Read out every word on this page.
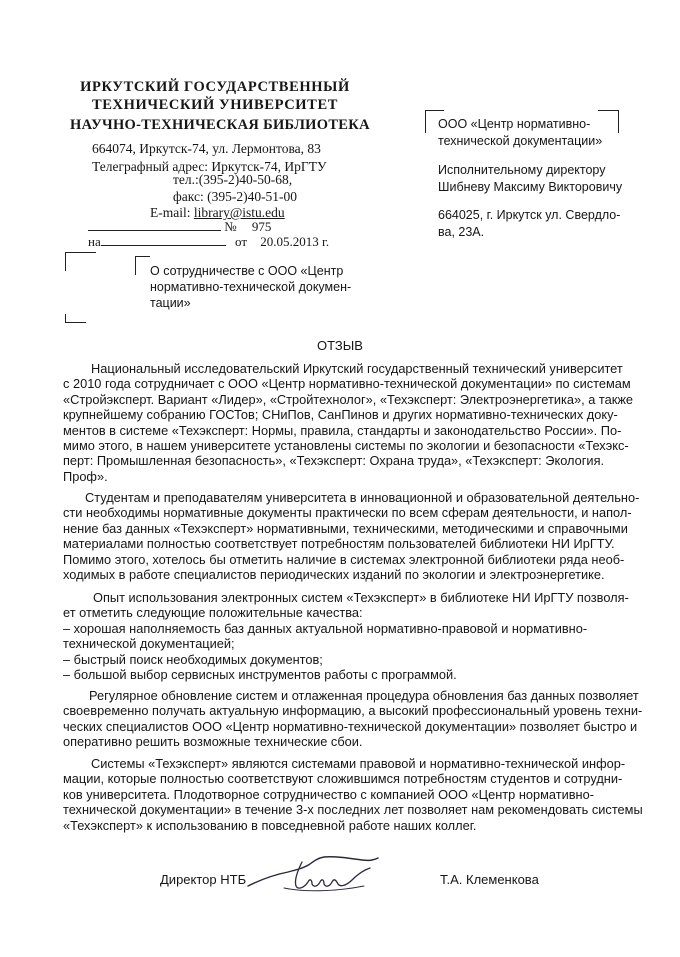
ИРКУТСКИЙ ГОСУДАРСТВЕННЫЙ
ТЕХНИЧЕСКИЙ УНИВЕРСИТЕТ
НАУЧНО-ТЕХНИЧЕСКАЯ БИБЛИОТЕКА
664074, Иркутск-74, ул. Лермонтова, 83
Телеграфный адрес: Иркутск-74, ИрГТУ
тел.:(395-2)40-50-68,
факс: (395-2)40-51-00
E-mail: library@istu.edu
№ 975
на	от 20.05.2013 г.
ООО «Центр нормативно-
технической документации»
Исполнительному директору
Шибневу Максиму Викторовичу
664025, г. Иркутск ул. Свердло-
ва, 23А.
О сотрудничестве с ООО «Центр
нормативно-технической докумен-
тации»
ОТЗЫВ
Национальный исследовательский Иркутский государственный технический университет
с 2010 года сотрудничает с ООО «Центр нормативно-технической документации» по системам
«Стройэксперт. Вариант «Лидер», «Стройтехнолог», «Техэксперт: Электроэнергетика», а также
крупнейшему собранию ГОСТов; СНиПов, СанПинов и других нормативно-технических доку-
ментов в системе «Техэксперт: Нормы, правила, стандарты и законодательство России». По-
мимо этого, в нашем университете установлены системы по экологии и безопасности «Техэкс-
перт: Промышленная безопасность», «Техэксперт: Охрана труда», «Техэксперт: Экология.
Проф».
Студентам и преподавателям университета в инновационной и образовательной деятельно-
сти необходимы нормативные документы практически по всем сферам деятельности, и напол-
нение баз данных «Техэксперт» нормативными, техническими, методическими и справочными
материалами полностью соответствует потребностям пользователей библиотеки НИ ИрГТУ.
Помимо этого, хотелось бы отметить наличие в системах электронной библиотеки ряда необ-
ходимых в работе специалистов периодических изданий по экологии и электроэнергетике.
Опыт использования электронных систем «Техэксперт» в библиотеке НИ ИрГТУ позволя-
ет отметить следующие положительные качества:
– хорошая наполняемость баз данных актуальной нормативно-правовой и нормативно-
технической документацией;
– быстрый поиск необходимых документов;
– большой выбор сервисных инструментов работы с программой.
Регулярное обновление систем и отлаженная процедура обновления баз данных позволяет
своевременно получать актуальную информацию, а высокий профессиональный уровень техни-
ческих специалистов ООО «Центр нормативно-технической документации» позволяет быстро и
оперативно решить возможные технические сбои.
Системы «Техэксперт» являются системами правовой и нормативно-технической инфор-
мации, которые полностью соответствуют сложившимся потребностям студентов и сотрудни-
ков университета. Плодотворное сотрудничество с компанией ООО «Центр нормативно-
технической документации» в течение 3-х последних лет позволяет нам рекомендовать системы
«Техэксперт» к использованию в повседневной работе наших коллег.
Директор НТБ	Т.А. Клеменкова
